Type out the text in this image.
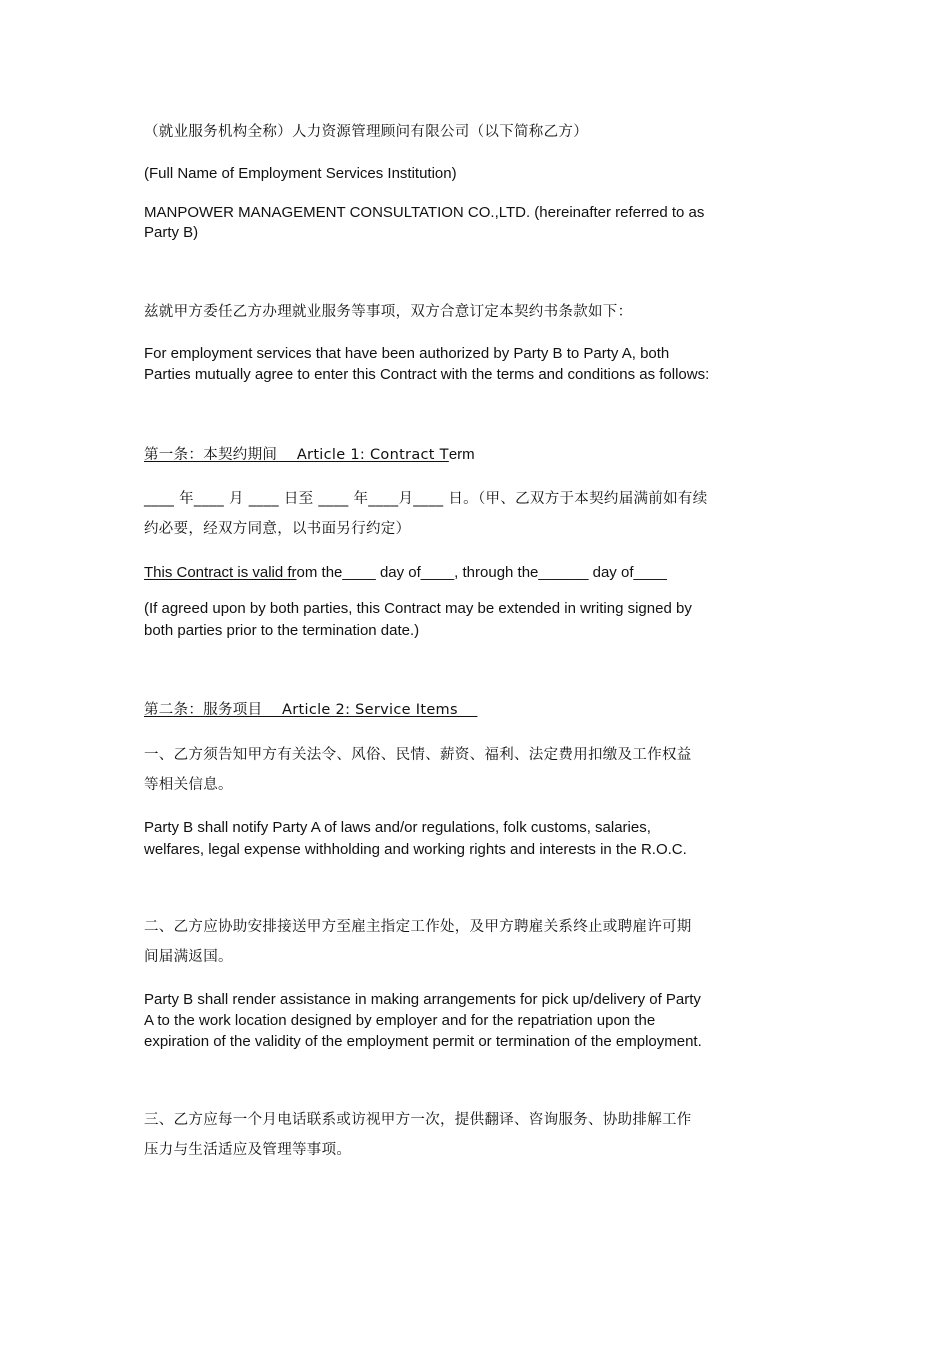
（就业服务机构全称）人力资源管理顾问有限公司（以下简称乙方）
(Full Name of Employment Services Institution)
MANPOWER MANAGEMENT CONSULTATION CO.,LTD. (hereinafter referred to as
Party B)
兹就甲方委任乙方办理就业服务等事项，双方合意订定本契约书条款如下：
For employment services that have been authorized by Party B to Party A, both
Parties mutually agree to enter this Contract with the terms and conditions as follows:
第一条：本契约期间    Article 1: Contract Term
____ 年____ 月 ____ 日至 ____ 年____月____ 日。（甲、乙双方于本契约届满前如有续
约必要，经双方同意，以书面另行约定）
This Contract is valid from the____ day of____, through the______ day of____
(If agreed upon by both parties, this Contract may be extended in writing signed by
both parties prior to the termination date.)
第二条：服务项目    Article 2: Service Items
一、乙方须告知甲方有关法令、风俗、民情、薪资、福利、法定费用扣缴及工作权益
等相关信息。
Party B shall notify Party A of laws and/or regulations, folk customs, salaries,
welfares, legal expense withholding and working rights and interests in the R.O.C.
二、乙方应协助安排接送甲方至雇主指定工作处，及甲方聘雇关系终止或聘雇许可期
间届满返国。
Party B shall render assistance in making arrangements for pick up/delivery of Party
A to the work location designed by employer and for the repatriation upon the
expiration of the validity of the employment permit or termination of the employment.
三、乙方应每一个月电话联系或访视甲方一次，提供翻译、咨询服务、协助排解工作
压力与生活适应及管理等事项。
